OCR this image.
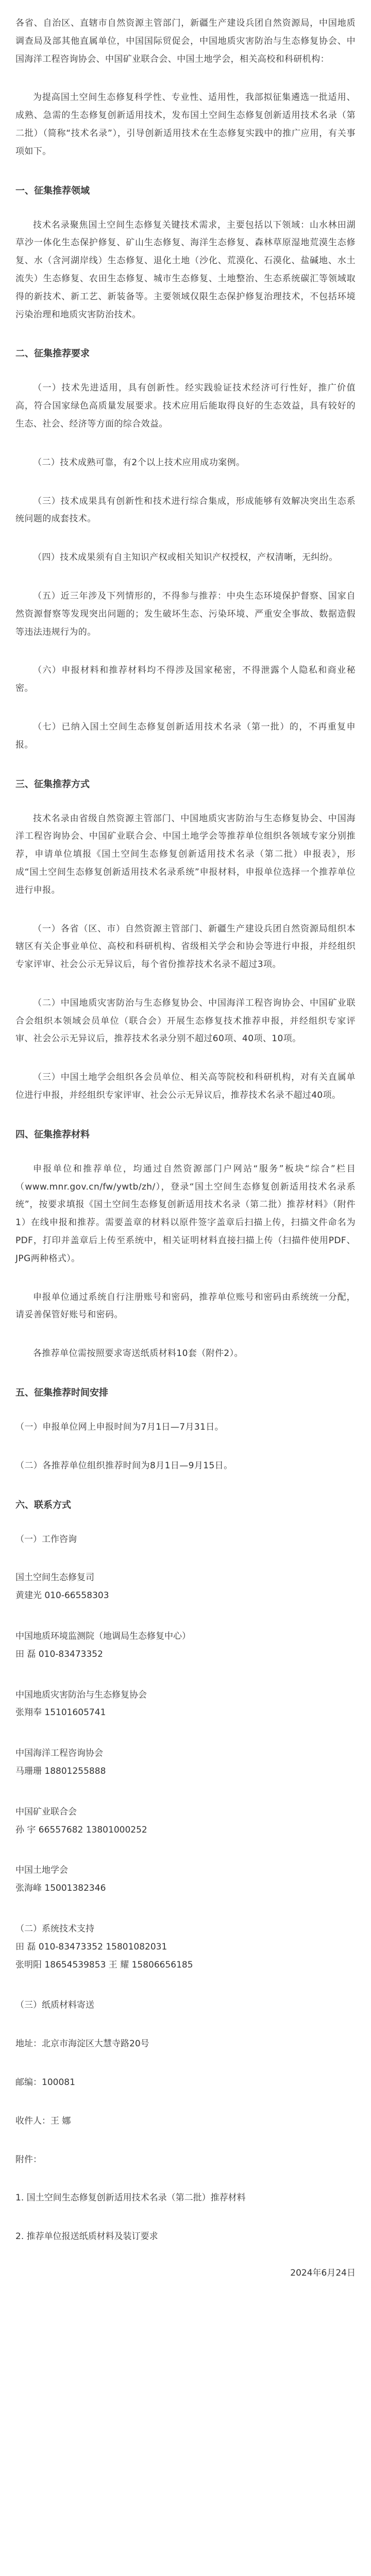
各省、自治区、直辖市自然资源主管部门，新疆生产建设兵团自然资源局，中国地质调查局及部其他直属单位，中国国际贸促会，中国地质灾害防治与生态修复协会、中国海洋工程咨询协会、中国矿业联合会、中国土地学会，相关高校和科研机构：

为提高国土空间生态修复科学性、专业性、适用性，我部拟征集遴选一批适用、成熟、急需的生态修复创新适用技术，发布国土空间生态修复创新适用技术名录（第二批）（简称“技术名录”），引导创新适用技术在生态修复实践中的推广应用，有关事项如下。

一、征集推荐领域

技术名录聚焦国土空间生态修复关键技术需求，主要包括以下领域：山水林田湖草沙一体化生态保护修复、矿山生态修复、海洋生态修复、森林草原湿地荒漠生态修复、水（含河湖岸线）生态修复、退化土地（沙化、荒漠化、石漠化、盐碱地、水土流失）生态修复、农田生态修复、城市生态修复、土地整治、生态系统碳汇等领域取得的新技术、新工艺、新装备等。主要领域仅限生态保护修复治理技术，不包括环境污染治理和地质灾害防治技术。

二、征集推荐要求

（一）技术先进适用，具有创新性。经实践验证技术经济可行性好，推广价值高，符合国家绿色高质量发展要求。技术应用后能取得良好的生态效益，具有较好的生态、社会、经济等方面的综合效益。

（二）技术成熟可靠，有2个以上技术应用成功案例。

（三）技术成果具有创新性和技术进行综合集成，形成能够有效解决突出生态系统问题的成套技术。

（四）技术成果须有自主知识产权或相关知识产权授权，产权清晰，无纠纷。

（五）近三年涉及下列情形的，不得参与推荐：中央生态环境保护督察、国家自然资源督察等发现突出问题的；发生破坏生态、污染环境、严重安全事故、数据造假等违法违规行为的。

（六）申报材料和推荐材料均不得涉及国家秘密，不得泄露个人隐私和商业秘密。

（七）已纳入国土空间生态修复创新适用技术名录（第一批）的，不再重复申报。

三、征集推荐方式

技术名录由省级自然资源主管部门、中国地质灾害防治与生态修复协会、中国海洋工程咨询协会、中国矿业联合会、中国土地学会等推荐单位组织各领域专家分别推荐，申请单位填报《国土空间生态修复创新适用技术名录（第二批）申报表》，形成“国土空间生态修复创新适用技术名录系统”申报材料，申报单位选择一个推荐单位进行申报。

（一）各省（区、市）自然资源主管部门、新疆生产建设兵团自然资源局组织本辖区有关企事业单位、高校和科研机构、省级相关学会和协会等进行申报，并经组织专家评审、社会公示无异议后，每个省份推荐技术名录不超过3项。

（二）中国地质灾害防治与生态修复协会、中国海洋工程咨询协会、中国矿业联合会组织本领域会员单位（联合会）开展生态修复技术推荐申报，并经组织专家评审、社会公示无异议后，推荐技术名录分别不超过60项、40项、10项。

（三）中国土地学会组织各会员单位、相关高等院校和科研机构，对有关直属单位进行申报，并经组织专家评审、社会公示无异议后，推荐技术名录不超过40项。

四、征集推荐材料

申报单位和推荐单位，均通过自然资源部门户网站“服务”板块“综合”栏目（www.mnr.gov.cn/fw/ywtb/zh/），登录“国土空间生态修复创新适用技术名录系统”，按要求填报《国土空间生态修复创新适用技术名录（第二批）推荐材料》（附件1）在线申报和推荐。需要盖章的材料以原件签字盖章后扫描上传，扫描文件命名为PDF，打印并盖章后上传至系统中，相关证明材料直接扫描上传（扫描件使用PDF、JPG两种格式）。

申报单位通过系统自行注册账号和密码，推荐单位账号和密码由系统统一分配，请妥善保管好账号和密码。

各推荐单位需按照要求寄送纸质材料10套（附件2）。

五、征集推荐时间安排

（一）申报单位网上申报时间为7月1日—7月31日。

（二）各推荐单位组织推荐时间为8月1日—9月15日。

六、联系方式

（一）工作咨询

国土空间生态修复司

黄建光 010-66558303

中国地质环境监测院（地调局生态修复中心）

田 磊 010-83473352

中国地质灾害防治与生态修复协会

张翔奉 15101605741

中国海洋工程咨询协会

马珊珊 18801255888

中国矿业联合会

孙 宇 66557682 13801000252

中国土地学会

张海峰 15001382346

（二）系统技术支持

田 磊 010-83473352 15801082031

张明阳 18654539853 王 耀 15806656185

（三）纸质材料寄送

地址：北京市海淀区大慧寺路20号

邮编：100081

收件人：王 娜

附件：

1. 国土空间生态修复创新适用技术名录（第二批）推荐材料

2. 推荐单位报送纸质材料及装订要求

2024年6月24日
